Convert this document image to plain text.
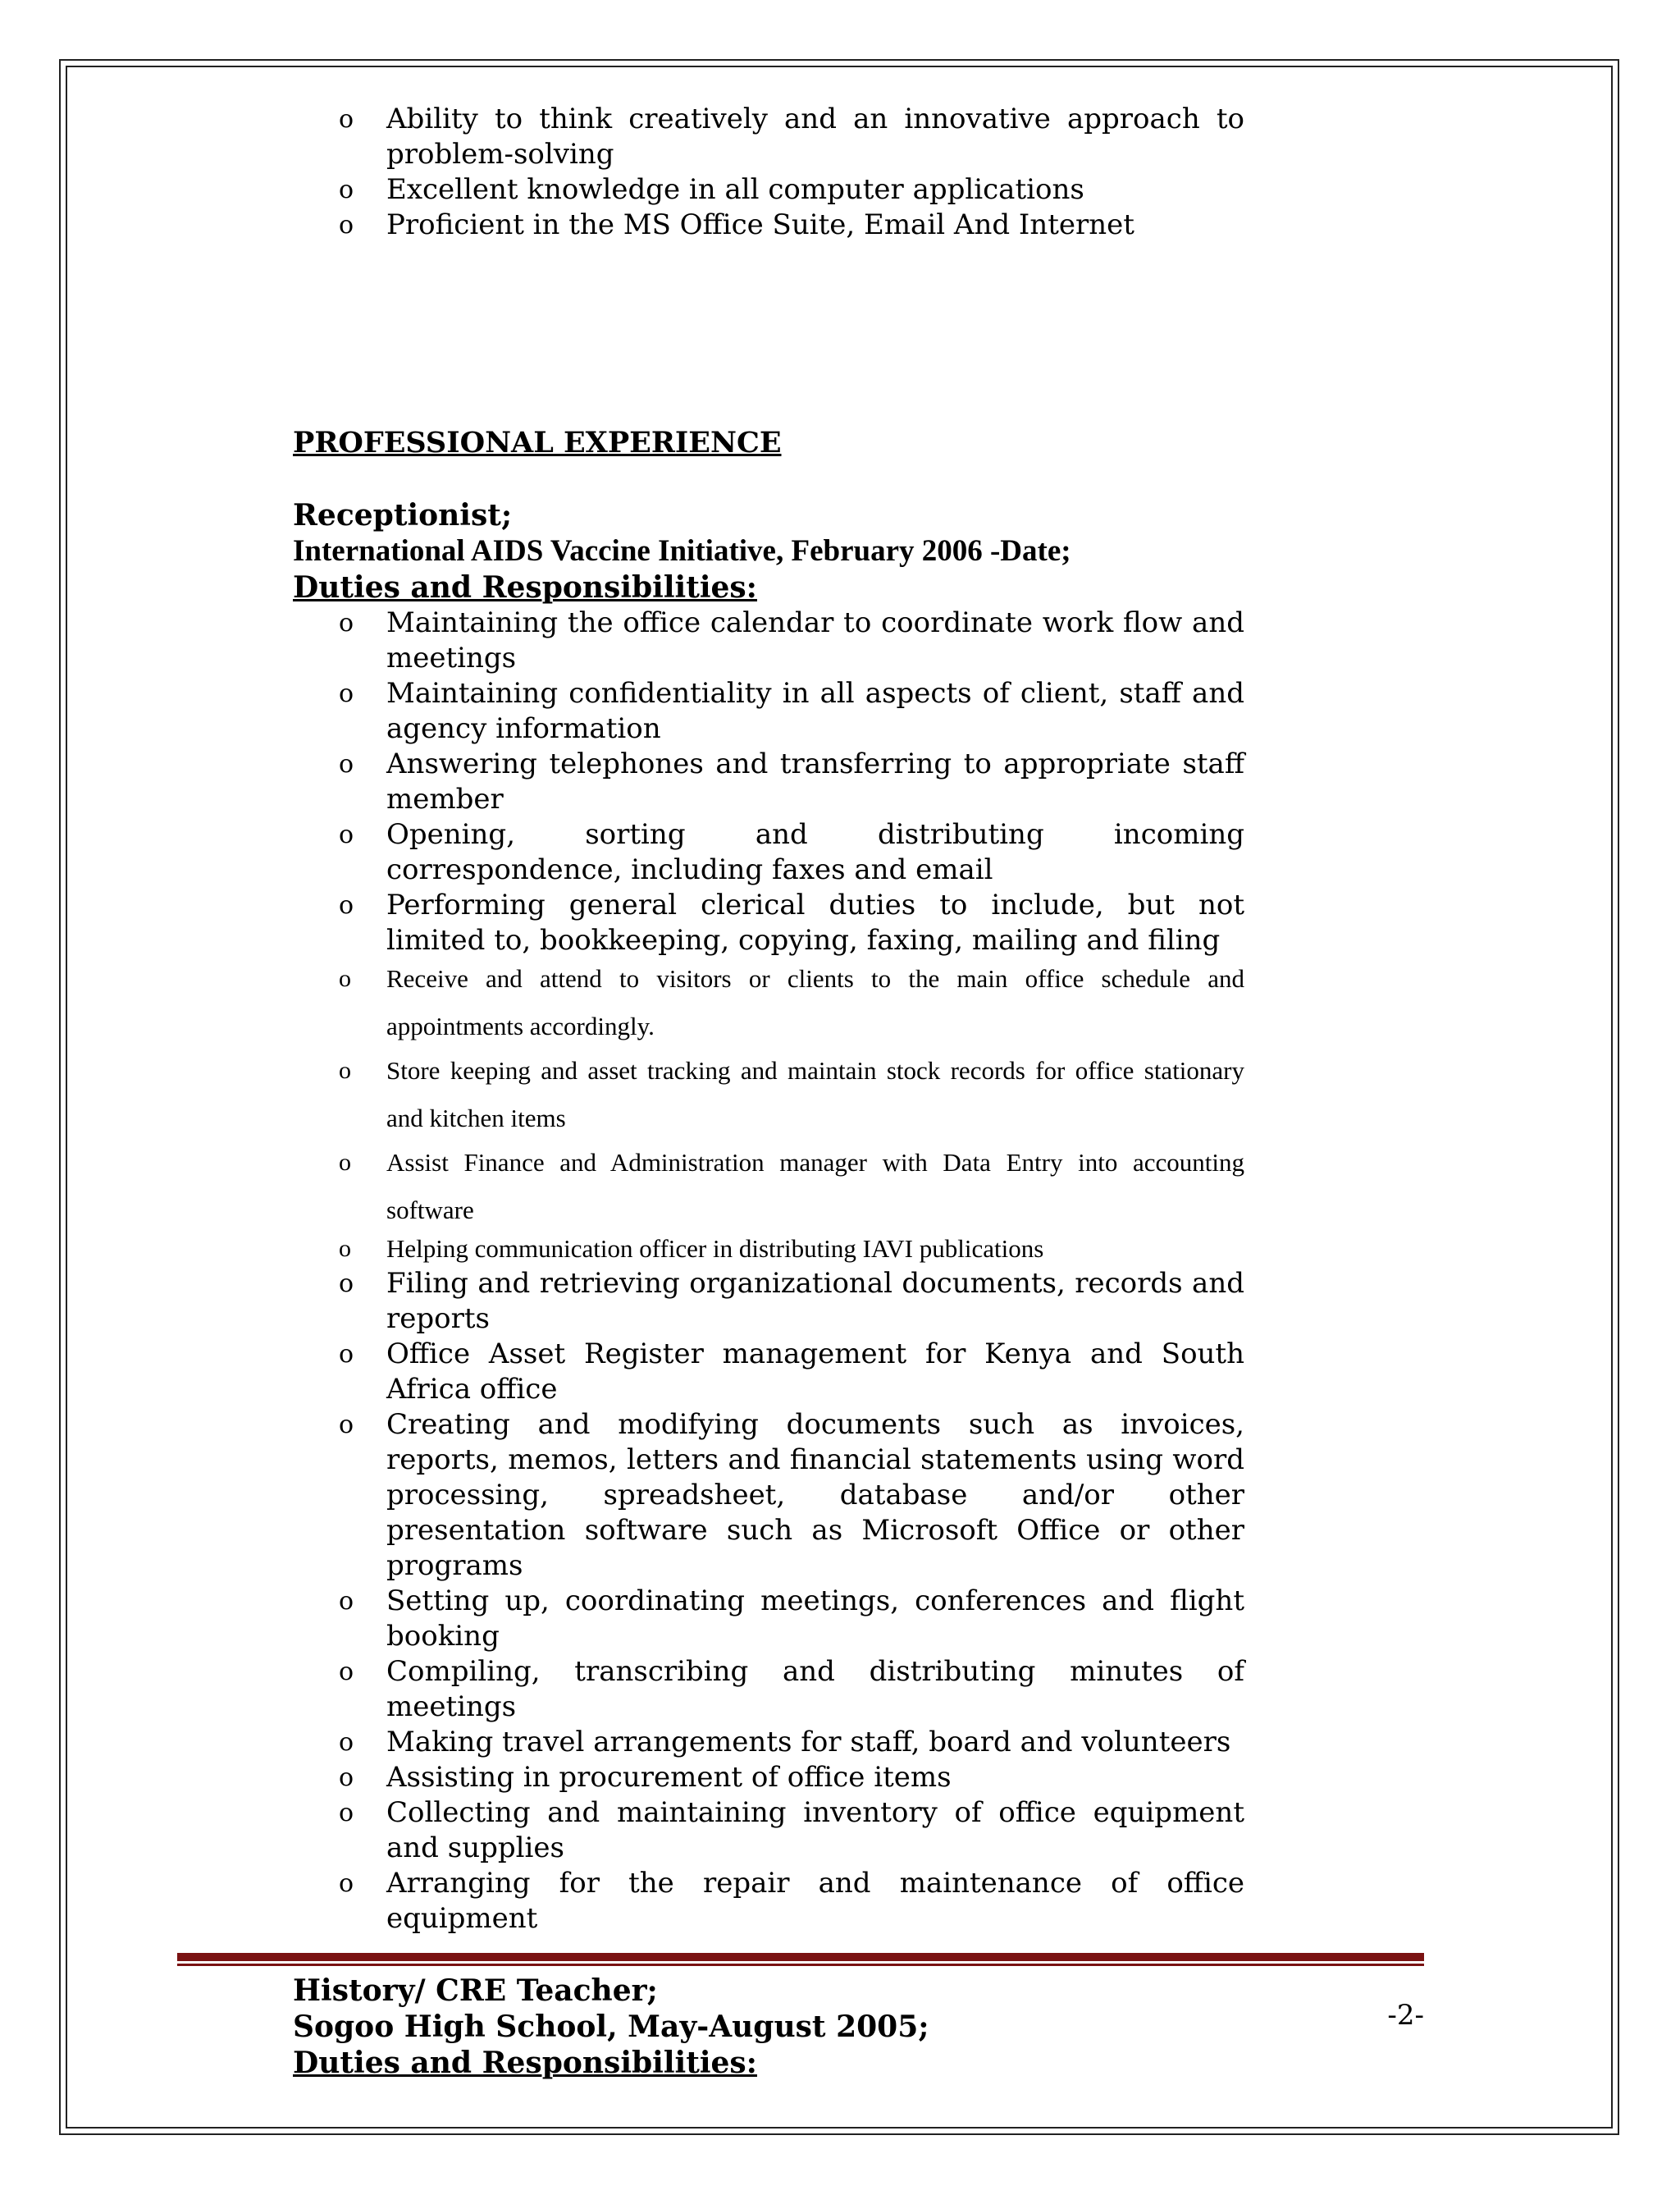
o Ability to think creatively and an innovative approach to problem-solving
o Excellent knowledge in all computer applications
o Proficient in the MS Office Suite, Email And Internet
PROFESSIONAL EXPERIENCE
Receptionist;
International AIDS Vaccine Initiative, February 2006 -Date;
Duties and Responsibilities:
o Maintaining the office calendar to coordinate work flow and meetings
o Maintaining confidentiality in all aspects of client, staff and agency information
o Answering telephones and transferring to appropriate staff member
o Opening, sorting and distributing incoming correspondence, including faxes and email
o Performing general clerical duties to include, but not limited to, bookkeeping, copying, faxing, mailing and filing
o Receive and attend to visitors or clients to the main office schedule and appointments accordingly.
o Store keeping and asset tracking and maintain stock records for office stationary and kitchen items
o Assist Finance and Administration manager with Data Entry into accounting software
o Helping communication officer in distributing IAVI publications
o Filing and retrieving organizational documents, records and reports
o Office Asset Register management for Kenya and South Africa office
o Creating and modifying documents such as invoices, reports, memos, letters and financial statements using word processing, spreadsheet, database and/or other presentation software such as Microsoft Office or other programs
o Setting up, coordinating meetings, conferences and flight booking
o Compiling, transcribing and distributing minutes of meetings
o Making travel arrangements for staff, board and volunteers
o Assisting in procurement of office items
o Collecting and maintaining inventory of office equipment and supplies
o Arranging for the repair and maintenance of office equipment
History/ CRE Teacher;
Sogoo High School, May-August 2005;
Duties and Responsibilities:
-2-
